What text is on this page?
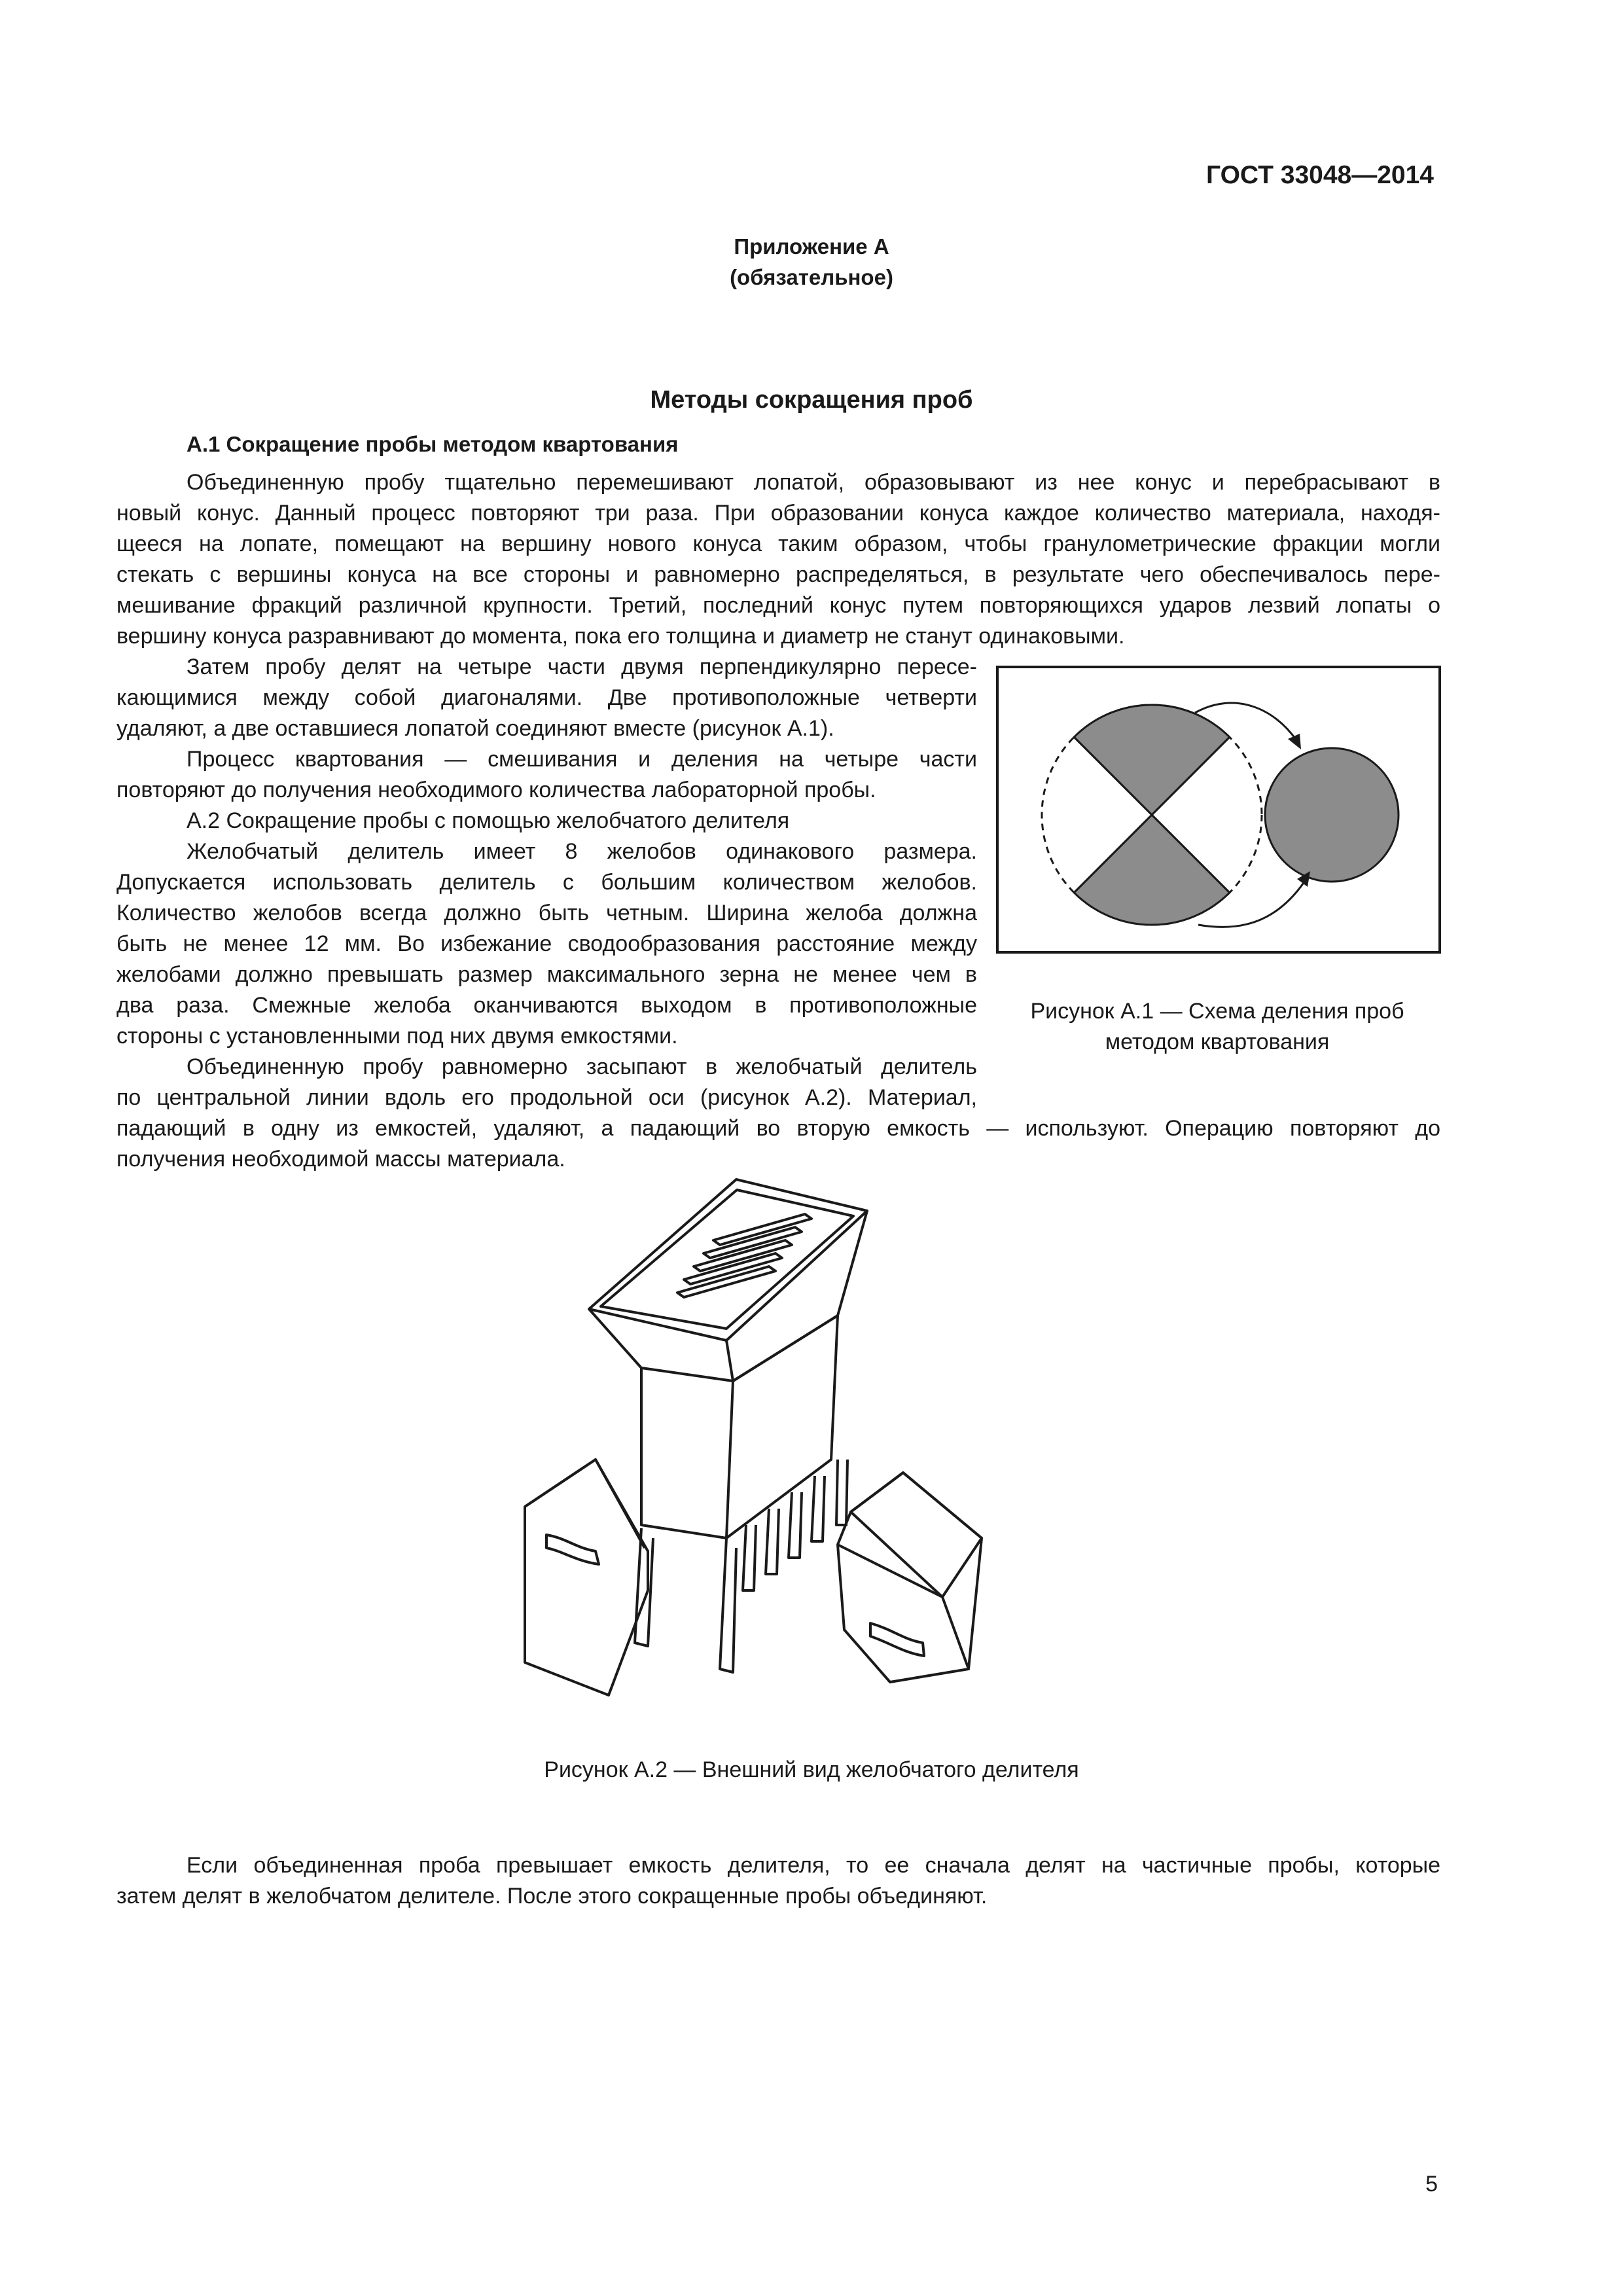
ГОСТ 33048—2014
Приложение А
(обязательное)
Методы сокращения проб
А.1 Сокращение пробы методом квартования
Объединенную пробу тщательно перемешивают лопатой, образовывают из нее конус и перебрасывают в
новый конус. Данный процесс повторяют три раза. При образовании конуса каждое количество материала, находя-
щееся на лопате, помещают на вершину нового конуса таким образом, чтобы гранулометрические фракции могли
стекать с вершины конуса на все стороны и равномерно распределяться, в результате чего обеспечивалось пере-
мешивание фракций различной крупности. Третий, последний конус путем повторяющихся ударов лезвий лопаты о
вершину конуса разравнивают до момента, пока его толщина и диаметр не станут одинаковыми.
Затем пробу делят на четыре части двумя перпендикулярно пересе-
кающимися между собой диагоналями. Две противоположные четверти
удаляют, а две оставшиеся лопатой соединяют вместе (рисунок А.1).
Процесс квартования — смешивания и деления на четыре части
повторяют до получения необходимого количества лабораторной пробы.
А.2 Сокращение пробы с помощью желобчатого делителя
Желобчатый делитель имеет 8 желобов одинакового размера.
Допускается использовать делитель с большим количеством желобов.
Количество желобов всегда должно быть четным. Ширина желоба должна
быть не менее 12 мм. Во избежание сводообразования расстояние между
желобами должно превышать размер максимального зерна не менее чем в
два раза. Смежные желоба оканчиваются выходом в противоположные
стороны с установленными под них двумя емкостями.
Объединенную пробу равномерно засыпают в желобчатый делитель
по центральной линии вдоль его продольной оси (рисунок А.2). Материал,
падающий в одну из емкостей, удаляют, а падающий во вторую емкость — используют. Операцию повторяют до
получения необходимой массы материала.
Рисунок А.1 — Схема деления проб
методом квартования
Рисунок А.2 — Внешний вид желобчатого делителя
Если объединенная проба превышает емкость делителя, то ее сначала делят на частичные пробы, которые
затем делят в желобчатом делителе. После этого сокращенные пробы объединяют.
5
